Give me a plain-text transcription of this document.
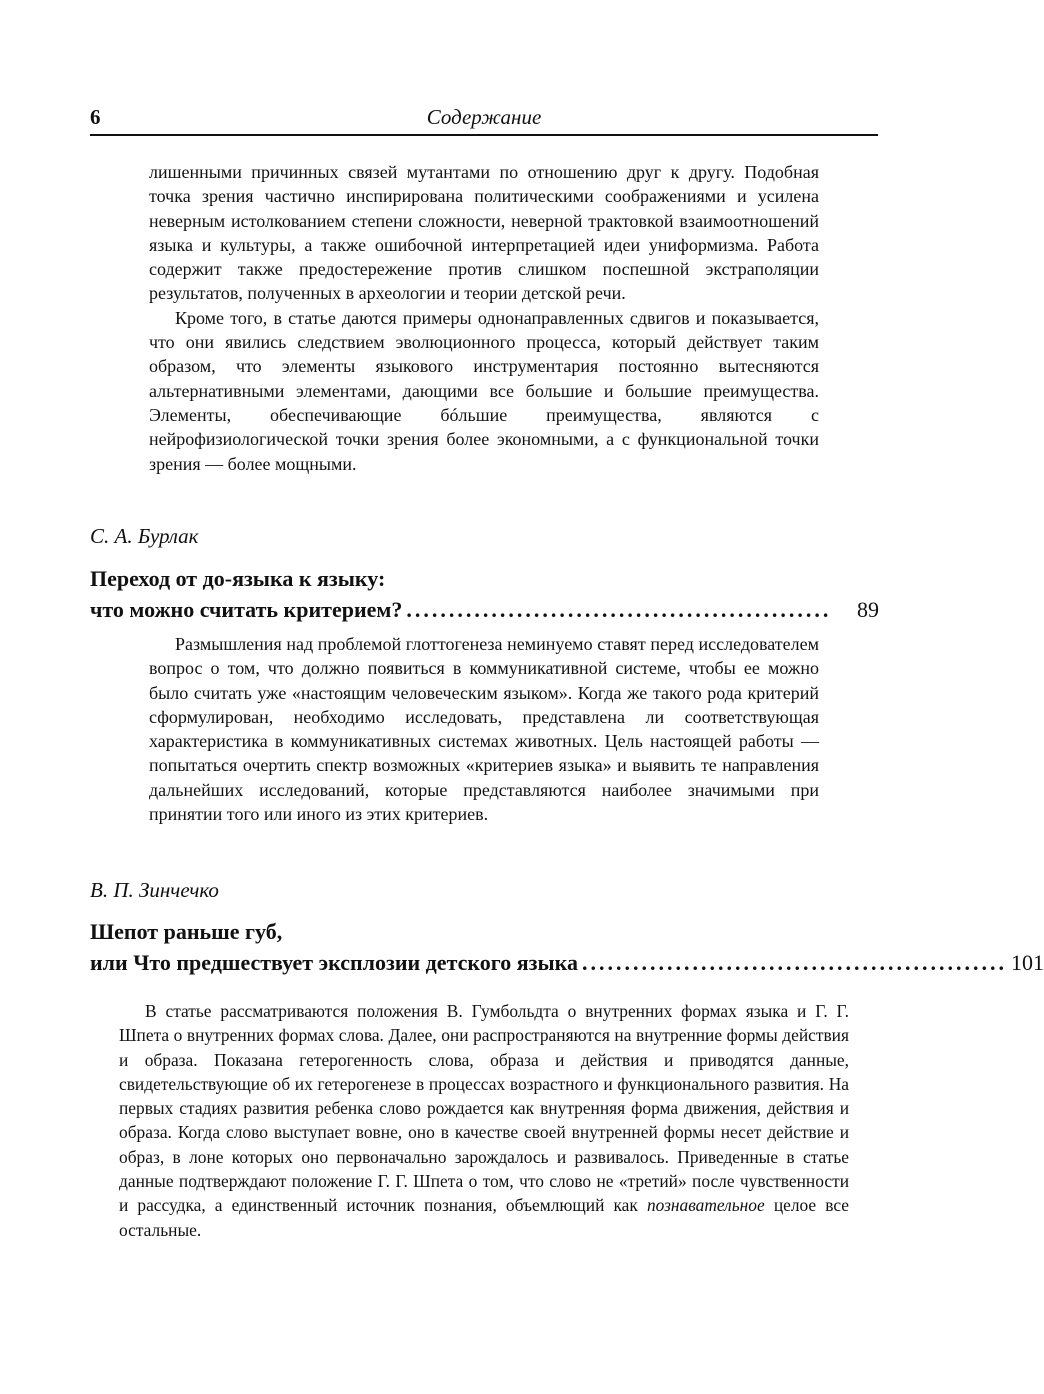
6	Содержание

лишенными причинных связей мутантами по отношению друг к другу. Подобная точка зрения частично инспирирована политическими соображениями и усилена неверным истолкованием степени сложности, неверной трактовкой взаимоотношений языка и культуры, а также ошибочной интерпретацией идеи униформизма. Работа содержит также предостережение против слишком поспешной экстраполяции результатов, полученных в археологии и теории детской речи.

Кроме того, в статье даются примеры однонаправленных сдвигов и показывается, что они явились следствием эволюционного процесса, который действует таким образом, что элементы языкового инструментария постоянно вытесняются альтернативными элементами, дающими все большие и большие преимущества. Элементы, обеспечивающие бóльшие преимущества, являются с нейрофизиологической точки зрения более экономными, а с функциональной точки зрения — более мощными.

С. А. Бурлак
Переход от до-языка к языку:
что можно считать критерием? ..................................................	89

Размышления над проблемой глоттогенеза неминуемо ставят перед исследователем вопрос о том, что должно появиться в коммуникативной системе, чтобы ее можно было считать уже «настоящим человеческим языком». Когда же такого рода критерий сформулирован, необходимо исследовать, представлена ли соответствующая характеристика в коммуникативных системах животных. Цель настоящей работы — попытаться очертить спектр возможных «критериев языка» и выявить те направления дальнейших исследований, которые представляются наиболее значимыми при принятии того или иного из этих критериев.

В. П. Зинчечко
Шепот раньше губ,
или Что предшествует эксплозии детского языка .................................................. 101

В статье рассматриваются положения В. Гумбольдта о внутренних формах языка и Г. Г. Шпета о внутренних формах слова. Далее, они распространяются на внутренние формы действия и образа. Показана гетерогенность слова, образа и действия и приводятся данные, свидетельствующие об их гетерогенезе в процессах возрастного и функционального развития. На первых стадиях развития ребенка слово рождается как внутренняя форма движения, действия и образа. Когда слово выступает вовне, оно в качестве своей внутренней формы несет действие и образ, в лоне которых оно первоначально зарождалось и развивалось. Приведенные в статье данные подтверждают положение Г. Г. Шпета о том, что слово не «третий» после чувственности и рассудка, а единственный источник познания, объемлющий как познавательное целое все остальные.
